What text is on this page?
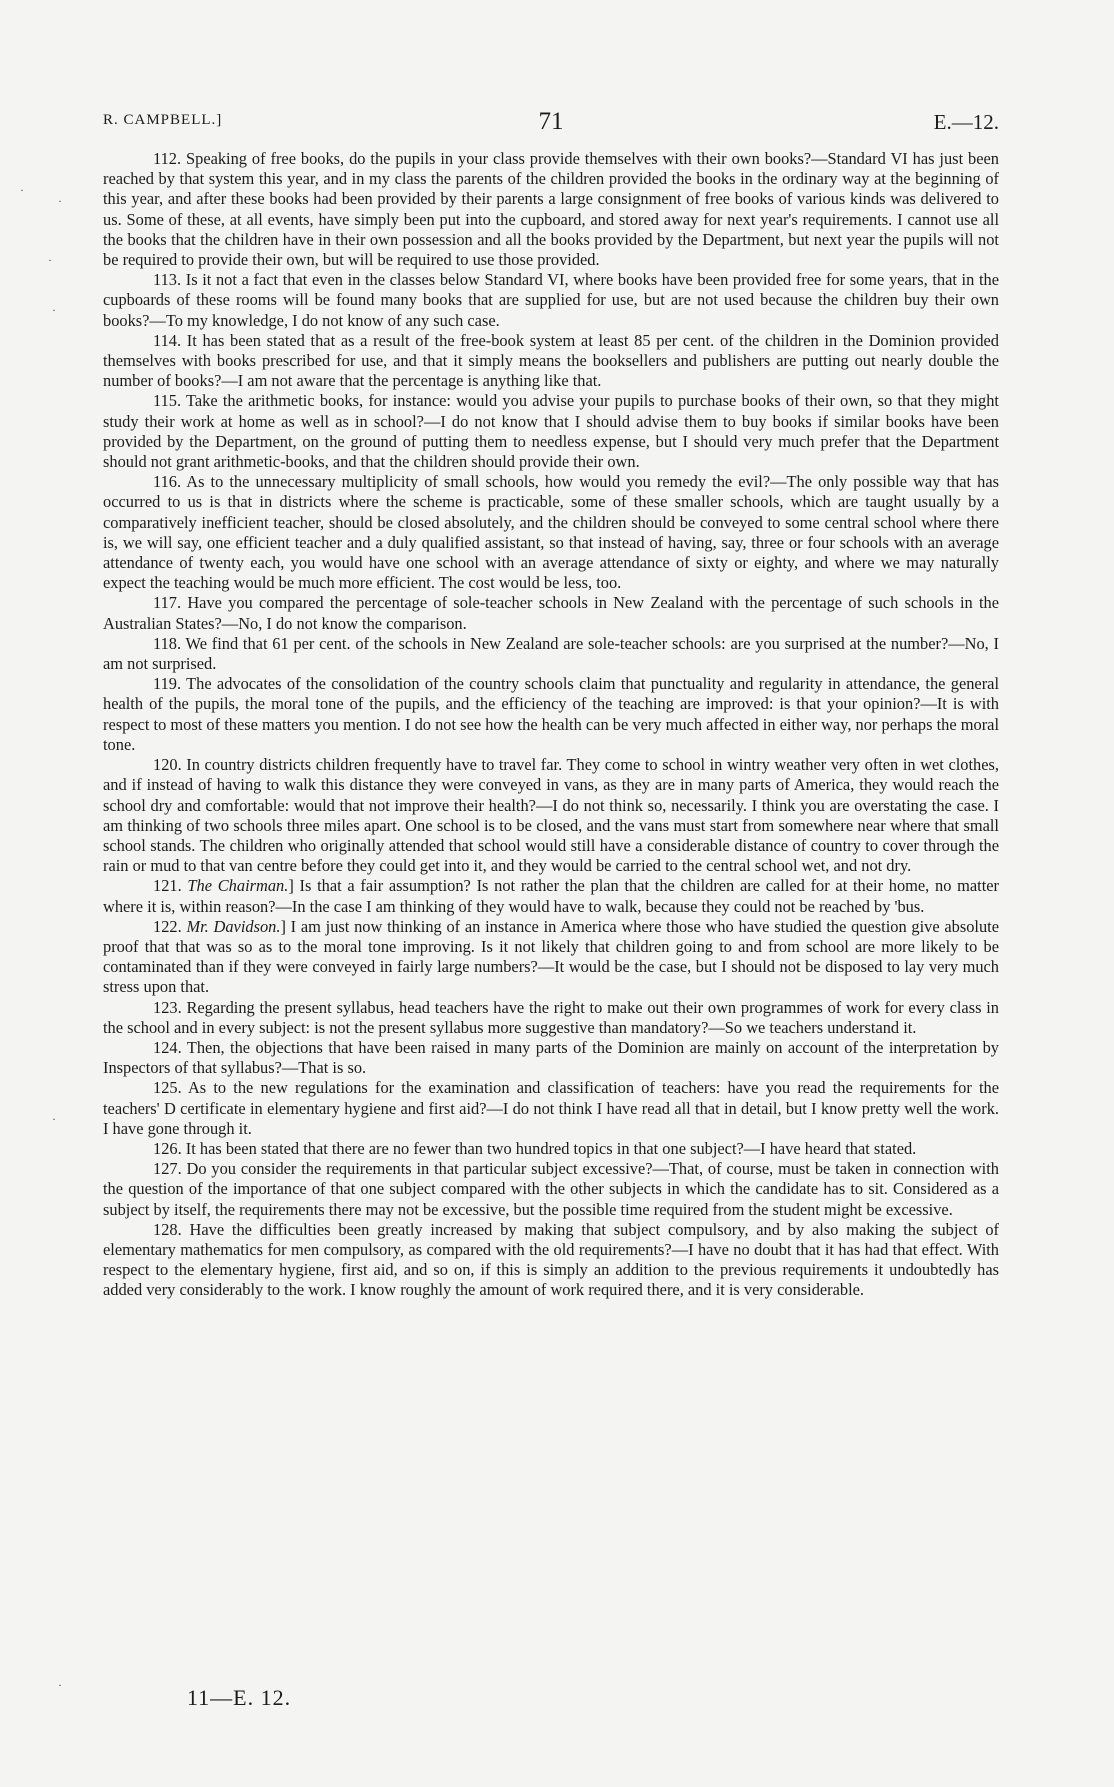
R. CAMPBELL.]	71	E.—12.
·
·
·
·
·
·

112. Speaking of free books, do the pupils in your class provide themselves with their own books?—Standard VI has just been reached by that system this year, and in my class the parents of the children provided the books in the ordinary way at the beginning of this year, and after these books had been provided by their parents a large consignment of free books of various kinds was delivered to us. Some of these, at all events, have simply been put into the cupboard, and stored away for next year's requirements. I cannot use all the books that the children have in their own possession and all the books provided by the Department, but next year the pupils will not be required to provide their own, but will be required to use those provided.

113. Is it not a fact that even in the classes below Standard VI, where books have been provided free for some years, that in the cupboards of these rooms will be found many books that are supplied for use, but are not used because the children buy their own books?—To my knowledge, I do not know of any such case.

114. It has been stated that as a result of the free-book system at least 85 per cent. of the children in the Dominion provided themselves with books prescribed for use, and that it simply means the booksellers and publishers are putting out nearly double the number of books?—I am not aware that the percentage is anything like that.

115. Take the arithmetic books, for instance: would you advise your pupils to purchase books of their own, so that they might study their work at home as well as in school?—I do not know that I should advise them to buy books if similar books have been provided by the Department, on the ground of putting them to needless expense, but I should very much prefer that the Department should not grant arithmetic-books, and that the children should provide their own.

116. As to the unnecessary multiplicity of small schools, how would you remedy the evil?—The only possible way that has occurred to us is that in districts where the scheme is practicable, some of these smaller schools, which are taught usually by a comparatively inefficient teacher, should be closed absolutely, and the children should be conveyed to some central school where there is, we will say, one efficient teacher and a duly qualified assistant, so that instead of having, say, three or four schools with an average attendance of twenty each, you would have one school with an average attendance of sixty or eighty, and where we may naturally expect the teaching would be much more efficient. The cost would be less, too.

117. Have you compared the percentage of sole-teacher schools in New Zealand with the percentage of such schools in the Australian States?—No, I do not know the comparison.

118. We find that 61 per cent. of the schools in New Zealand are sole-teacher schools: are you surprised at the number?—No, I am not surprised.

119. The advocates of the consolidation of the country schools claim that punctuality and regularity in attendance, the general health of the pupils, the moral tone of the pupils, and the efficiency of the teaching are improved: is that your opinion?—It is with respect to most of these matters you mention. I do not see how the health can be very much affected in either way, nor perhaps the moral tone.

120. In country districts children frequently have to travel far. They come to school in wintry weather very often in wet clothes, and if instead of having to walk this distance they were conveyed in vans, as they are in many parts of America, they would reach the school dry and comfortable: would that not improve their health?—I do not think so, necessarily. I think you are overstating the case. I am thinking of two schools three miles apart. One school is to be closed, and the vans must start from somewhere near where that small school stands. The children who originally attended that school would still have a considerable distance of country to cover through the rain or mud to that van centre before they could get into it, and they would be carried to the central school wet, and not dry.

121. The Chairman.] Is that a fair assumption? Is not rather the plan that the children are called for at their home, no matter where it is, within reason?—In the case I am thinking of they would have to walk, because they could not be reached by 'bus.

122. Mr. Davidson.] I am just now thinking of an instance in America where those who have studied the question give absolute proof that that was so as to the moral tone improving. Is it not likely that children going to and from school are more likely to be contaminated than if they were conveyed in fairly large numbers?—It would be the case, but I should not be disposed to lay very much stress upon that.

123. Regarding the present syllabus, head teachers have the right to make out their own programmes of work for every class in the school and in every subject: is not the present syllabus more suggestive than mandatory?—So we teachers understand it.

124. Then, the objections that have been raised in many parts of the Dominion are mainly on account of the interpretation by Inspectors of that syllabus?—That is so.

125. As to the new regulations for the examination and classification of teachers: have you read the requirements for the teachers' D certificate in elementary hygiene and first aid?—I do not think I have read all that in detail, but I know pretty well the work. I have gone through it.

126. It has been stated that there are no fewer than two hundred topics in that one subject?—I have heard that stated.

127. Do you consider the requirements in that particular subject excessive?—That, of course, must be taken in connection with the question of the importance of that one subject compared with the other subjects in which the candidate has to sit. Considered as a subject by itself, the requirements there may not be excessive, but the possible time required from the student might be excessive.

128. Have the difficulties been greatly increased by making that subject compulsory, and by also making the subject of elementary mathematics for men compulsory, as compared with the old requirements?—I have no doubt that it has had that effect. With respect to the elementary hygiene, first aid, and so on, if this is simply an addition to the previous requirements it undoubtedly has added very considerably to the work. I know roughly the amount of work required there, and it is very considerable.

11—E. 12.
